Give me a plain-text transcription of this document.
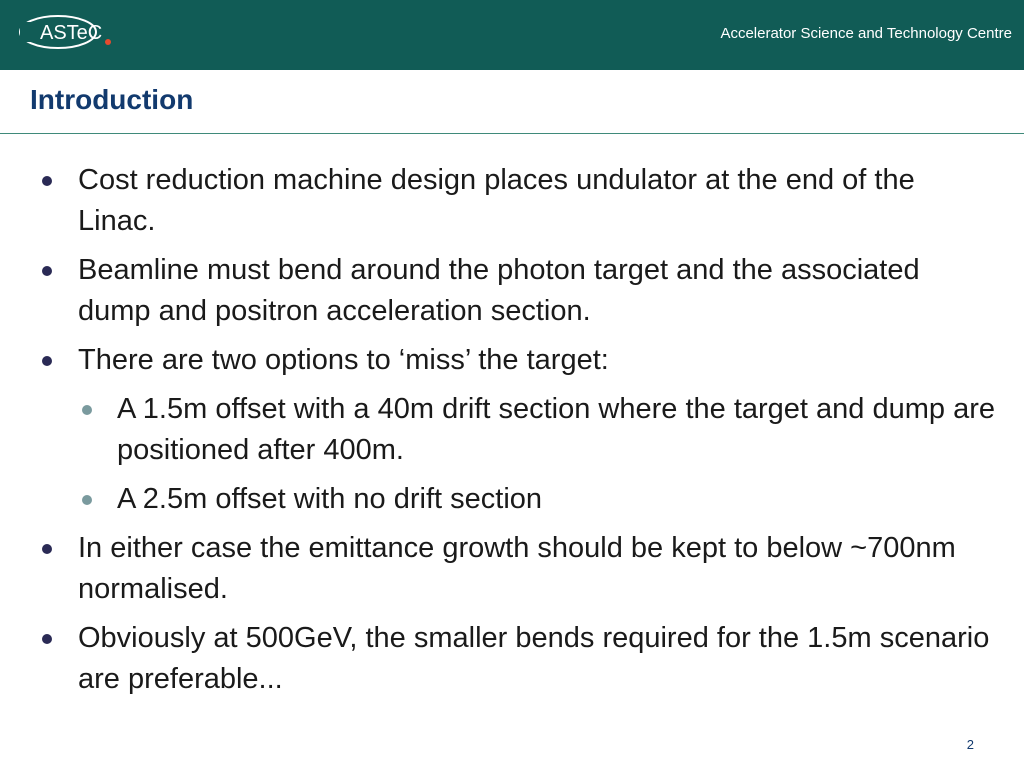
ASTeC	Accelerator Science and Technology Centre
Introduction
Cost reduction machine design places undulator at the end of the Linac.
Beamline must bend around the photon target and the associated dump and positron acceleration section.
There are two options to ‘miss’ the target:
A 1.5m offset with a 40m drift section where the target and dump are positioned after 400m.
A 2.5m offset with no drift section
In either case the emittance growth should be kept to below ~700nm normalised.
Obviously at 500GeV, the smaller bends required for the 1.5m scenario are preferable...
2
